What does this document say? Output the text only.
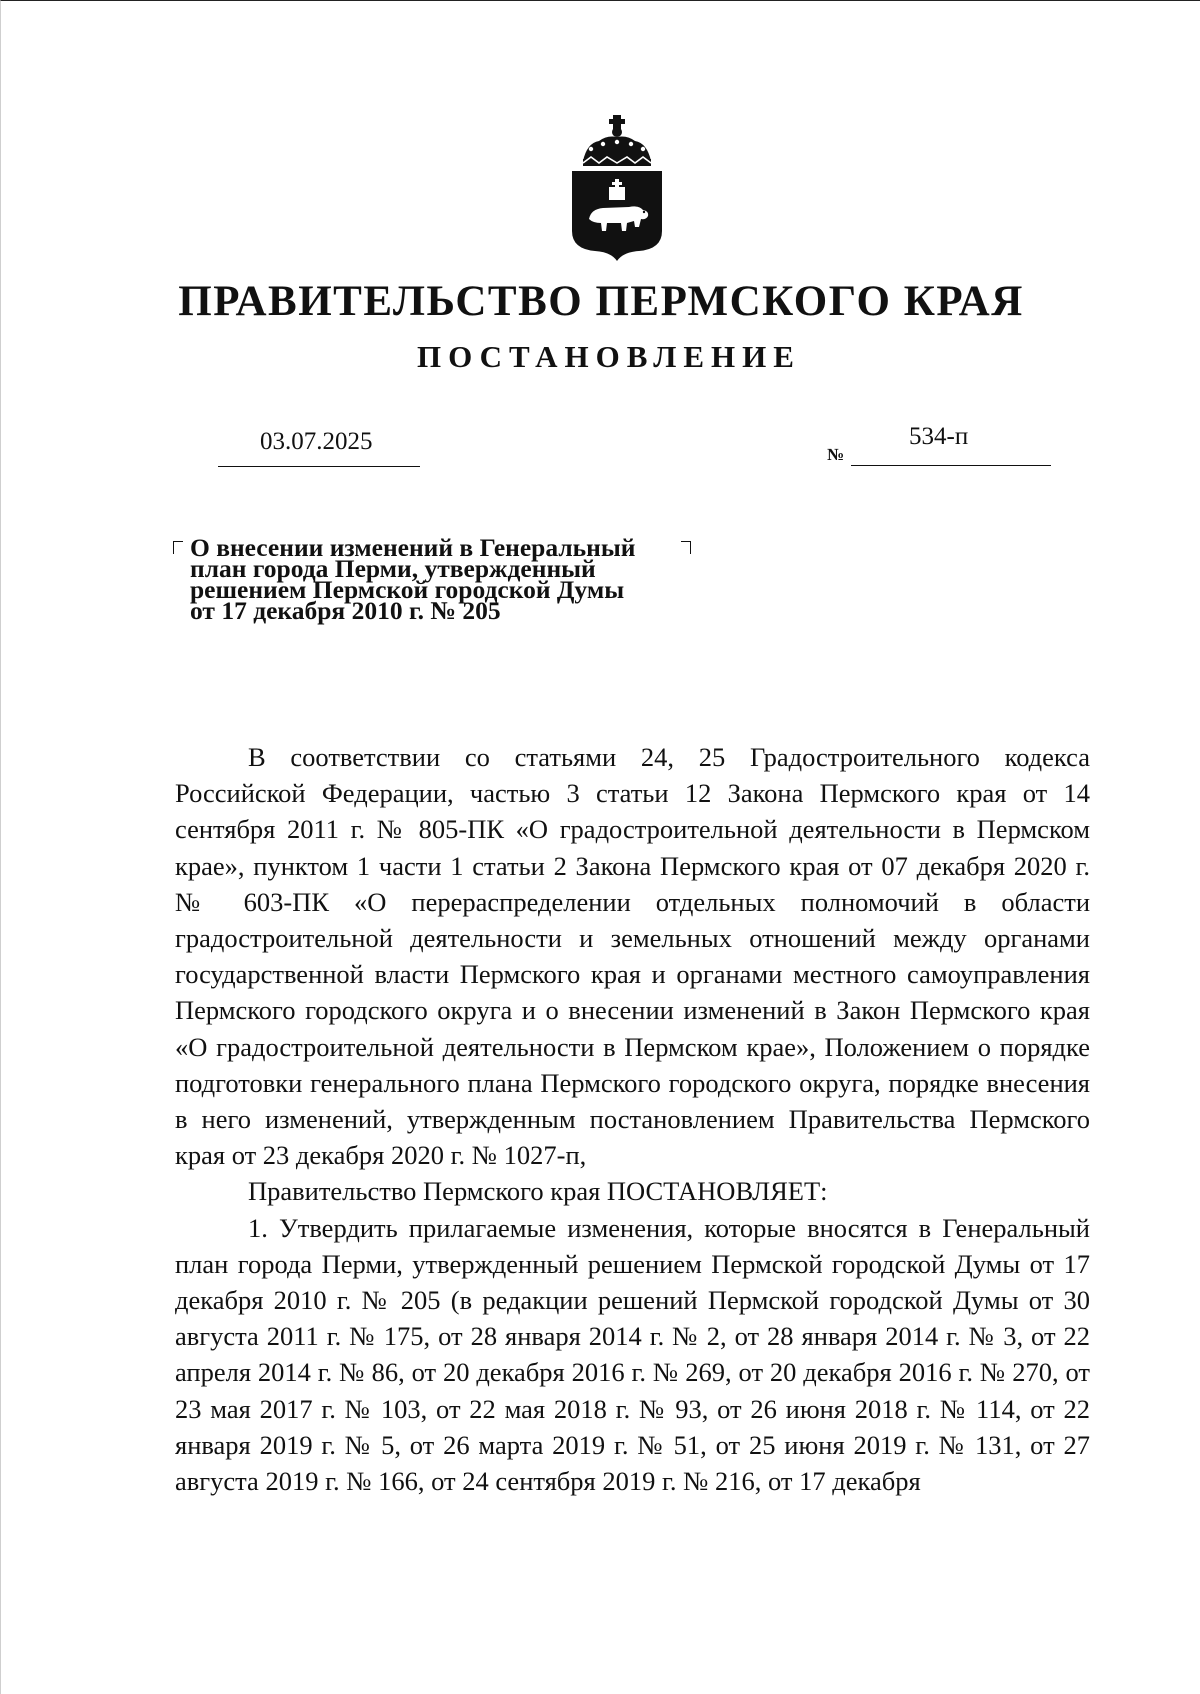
ПРАВИТЕЛЬСТВО ПЕРМСКОГО КРАЯ
ПОСТАНОВЛЕНИЕ
03.07.2025	№
534-п

О внесении изменений в Генеральный
план города Перми, утвержденный
решением Пермской городской Думы
от 17 декабря 2010 г. № 205

В соответствии со статьями 24, 25 Градостроительного кодекса Российской Федерации, частью 3 статьи 12 Закона Пермского края от 14 сентября 2011 г. № 805-ПК «О градостроительной деятельности в Пермском крае», пунктом 1 части 1 статьи 2 Закона Пермского края от 07 декабря 2020 г. № 603-ПК «О перераспределении отдельных полномочий в области градостроительной деятельности и земельных отношений между органами государственной власти Пермского края и органами местного самоуправления Пермского городского округа и о внесении изменений в Закон Пермского края «О градостроительной деятельности в Пермском крае», Положением о порядке подготовки генерального плана Пермского городского округа, порядке внесения в него изменений, утвержденным постановлением Правительства Пермского края от 23 декабря 2020 г. № 1027-п,

Правительство Пермского края ПОСТАНОВЛЯЕТ:

1. Утвердить прилагаемые изменения, которые вносятся в Генеральный план города Перми, утвержденный решением Пермской городской Думы от 17 декабря 2010 г. № 205 (в редакции решений Пермской городской Думы от 30 августа 2011 г. № 175, от 28 января 2014 г. № 2, от 28 января 2014 г. № 3, от 22 апреля 2014 г. № 86, от 20 декабря 2016 г. № 269, от 20 декабря 2016 г. № 270, от 23 мая 2017 г. № 103, от 22 мая 2018 г. № 93, от 26 июня 2018 г. № 114, от 22 января 2019 г. № 5, от 26 марта 2019 г. № 51, от 25 июня 2019 г. № 131, от 27 августа 2019 г. № 166, от 24 сентября 2019 г. № 216, от 17 декабря
